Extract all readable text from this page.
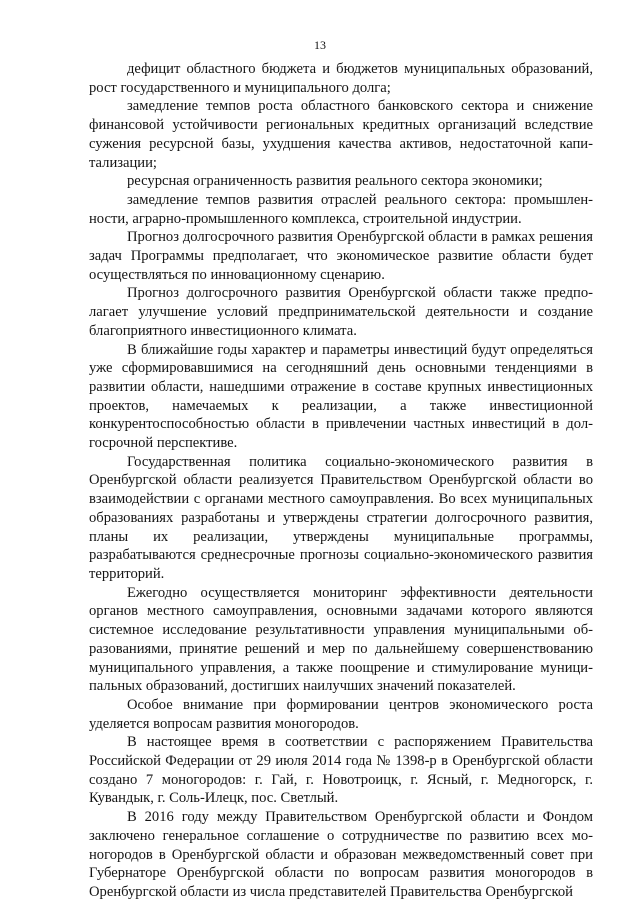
13

дефицит областного бюджета и бюджетов муниципальных образований, рост государственного и муниципального долга;

замедление темпов роста областного банковского сектора и снижение финансовой устойчивости региональных кредитных организаций вследствие сужения ресурсной базы, ухудшения качества активов, недостаточной капитализации;

ресурсная ограниченность развития реального сектора экономики;

замедление темпов развития отраслей реального сектора: промышленности, аграрно-промышленного комплекса, строительной индустрии.

Прогноз долгосрочного развития Оренбургской области в рамках решения задач Программы предполагает, что экономическое развитие области будет осуществляться по инновационному сценарию.

Прогноз долгосрочного развития Оренбургской области также предполагает улучшение условий предпринимательской деятельности и создание благоприятного инвестиционного климата.

В ближайшие годы характер и параметры инвестиций будут определяться уже сформировавшимися на сегодняшний день основными тенденциями в развитии области, нашедшими отражение в составе крупных инвестиционных проектов, намечаемых к реализации, а также инвестиционной конкурентоспособностью области в привлечении частных инвестиций в долгосрочной перспективе.

Государственная политика социально-экономического развития в Оренбургской области реализуется Правительством Оренбургской области во взаимодействии с органами местного самоуправления. Во всех муниципальных образованиях разработаны и утверждены стратегии долгосрочного развития, планы их реализации, утверждены муниципальные программы, разрабатываются среднесрочные прогнозы социально-экономического развития территорий.

Ежегодно осуществляется мониторинг эффективности деятельности органов местного самоуправления, основными задачами которого являются системное исследование результативности управления муниципальными образованиями, принятие решений и мер по дальнейшему совершенствованию муниципального управления, а также поощрение и стимулирование муниципальных образований, достигших наилучших значений показателей.

Особое внимание при формировании центров экономического роста уделяется вопросам развития моногородов.

В настоящее время в соответствии с распоряжением Правительства Российской Федерации от 29 июля 2014 года № 1398-р в Оренбургской области создано 7 моногородов: г. Гай, г. Новотроицк, г. Ясный, г. Медногорск, г. Кувандык, г. Соль-Илецк, пос. Светлый.

В 2016 году между Правительством Оренбургской области и Фондом заключено генеральное соглашение о сотрудничестве по развитию всех моногородов в Оренбургской области и образован межведомственный совет при Губернаторе Оренбургской области по вопросам развития моногородов в Оренбургской области из числа представителей Правительства Оренбургской
